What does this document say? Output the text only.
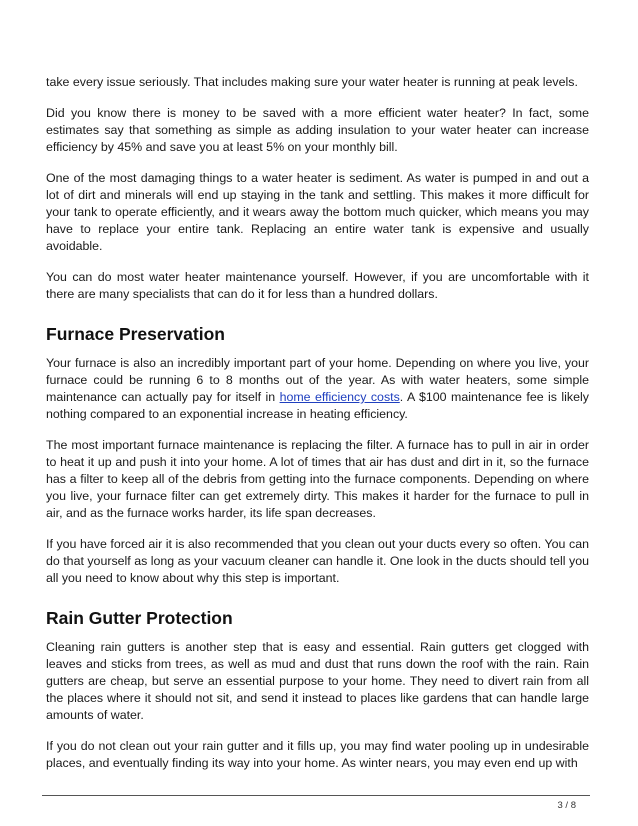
take every issue seriously. That includes making sure your water heater is running at peak levels.

Did you know there is money to be saved with a more efficient water heater? In fact, some estimates say that something as simple as adding insulation to your water heater can increase efficiency by 45% and save you at least 5% on your monthly bill.

One of the most damaging things to a water heater is sediment. As water is pumped in and out a lot of dirt and minerals will end up staying in the tank and settling. This makes it more difficult for your tank to operate efficiently, and it wears away the bottom much quicker, which means you may have to replace your entire tank. Replacing an entire water tank is expensive and usually avoidable.

You can do most water heater maintenance yourself. However, if you are uncomfortable with it there are many specialists that can do it for less than a hundred dollars.

Furnace Preservation

Your furnace is also an incredibly important part of your home. Depending on where you live, your furnace could be running 6 to 8 months out of the year. As with water heaters, some simple maintenance can actually pay for itself in home efficiency costs. A $100 maintenance fee is likely nothing compared to an exponential increase in heating efficiency.

The most important furnace maintenance is replacing the filter. A furnace has to pull in air in order to heat it up and push it into your home. A lot of times that air has dust and dirt in it, so the furnace has a filter to keep all of the debris from getting into the furnace components. Depending on where you live, your furnace filter can get extremely dirty. This makes it harder for the furnace to pull in air, and as the furnace works harder, its life span decreases.

If you have forced air it is also recommended that you clean out your ducts every so often. You can do that yourself as long as your vacuum cleaner can handle it. One look in the ducts should tell you all you need to know about why this step is important.

Rain Gutter Protection

Cleaning rain gutters is another step that is easy and essential. Rain gutters get clogged with leaves and sticks from trees, as well as mud and dust that runs down the roof with the rain. Rain gutters are cheap, but serve an essential purpose to your home. They need to divert rain from all the places where it should not sit, and send it instead to places like gardens that can handle large amounts of water.

If you do not clean out your rain gutter and it fills up, you may find water pooling up in undesirable places, and eventually finding its way into your home. As winter nears, you may even end up with

3 / 8
